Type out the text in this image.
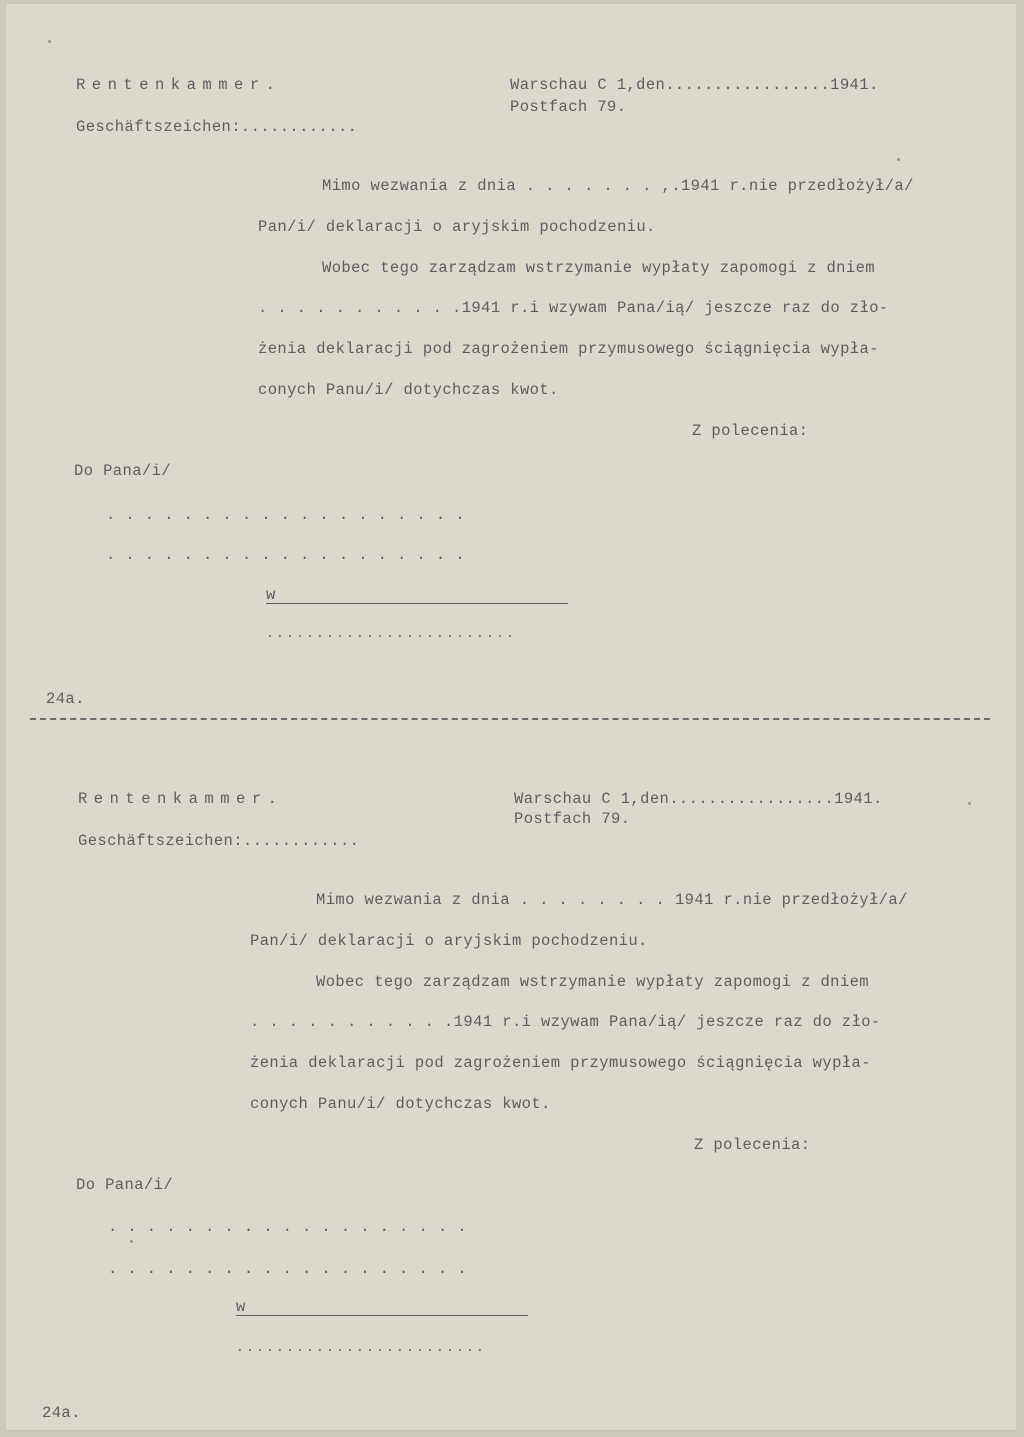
Rentenkammer.
Geschäftszeichen:............
Warschau C 1,den.................1941.
Postfach 79.
Mimo wezwania z dnia . . . . . . . ,.1941 r.nie przedłożył/a/
Pan/i/ deklaracji o aryjskim pochodzeniu.
Wobec tego zarządzam wstrzymanie wypłaty zapomogi z dniem
. . . . . . . . . . .1941 r.i wzywam Pana/ią/ jeszcze raz do zło-
żenia deklaracji pod zagrożeniem przymusowego ściągnięcia wypła-
conych Panu/i/ dotychczas kwot.
Z polecenia:
Do Pana/i/
. . . . . . . . . . . . . . . . . . .
. . . . . . . . . . . . . . . . . . .
w
.........................
24a.
Rentenkammer.
Geschäftszeichen:............
Warschau C 1,den.................1941.
Postfach 79.
Mimo wezwania z dnia . . . . . . . . 1941 r.nie przedłożył/a/
Pan/i/ deklaracji o aryjskim pochodzeniu.
Wobec tego zarządzam wstrzymanie wypłaty zapomogi z dniem
. . . . . . . . . . .1941 r.i wzywam Pana/ią/ jeszcze raz do zło-
żenia deklaracji pod zagrożeniem przymusowego ściągnięcia wypła-
conych Panu/i/ dotychczas kwot.
Z polecenia:
Do Pana/i/
. . . . . . . . . . . . . . . . . . .
. . . . . . . . . . . . . . . . . . .
w
.........................
24a.
